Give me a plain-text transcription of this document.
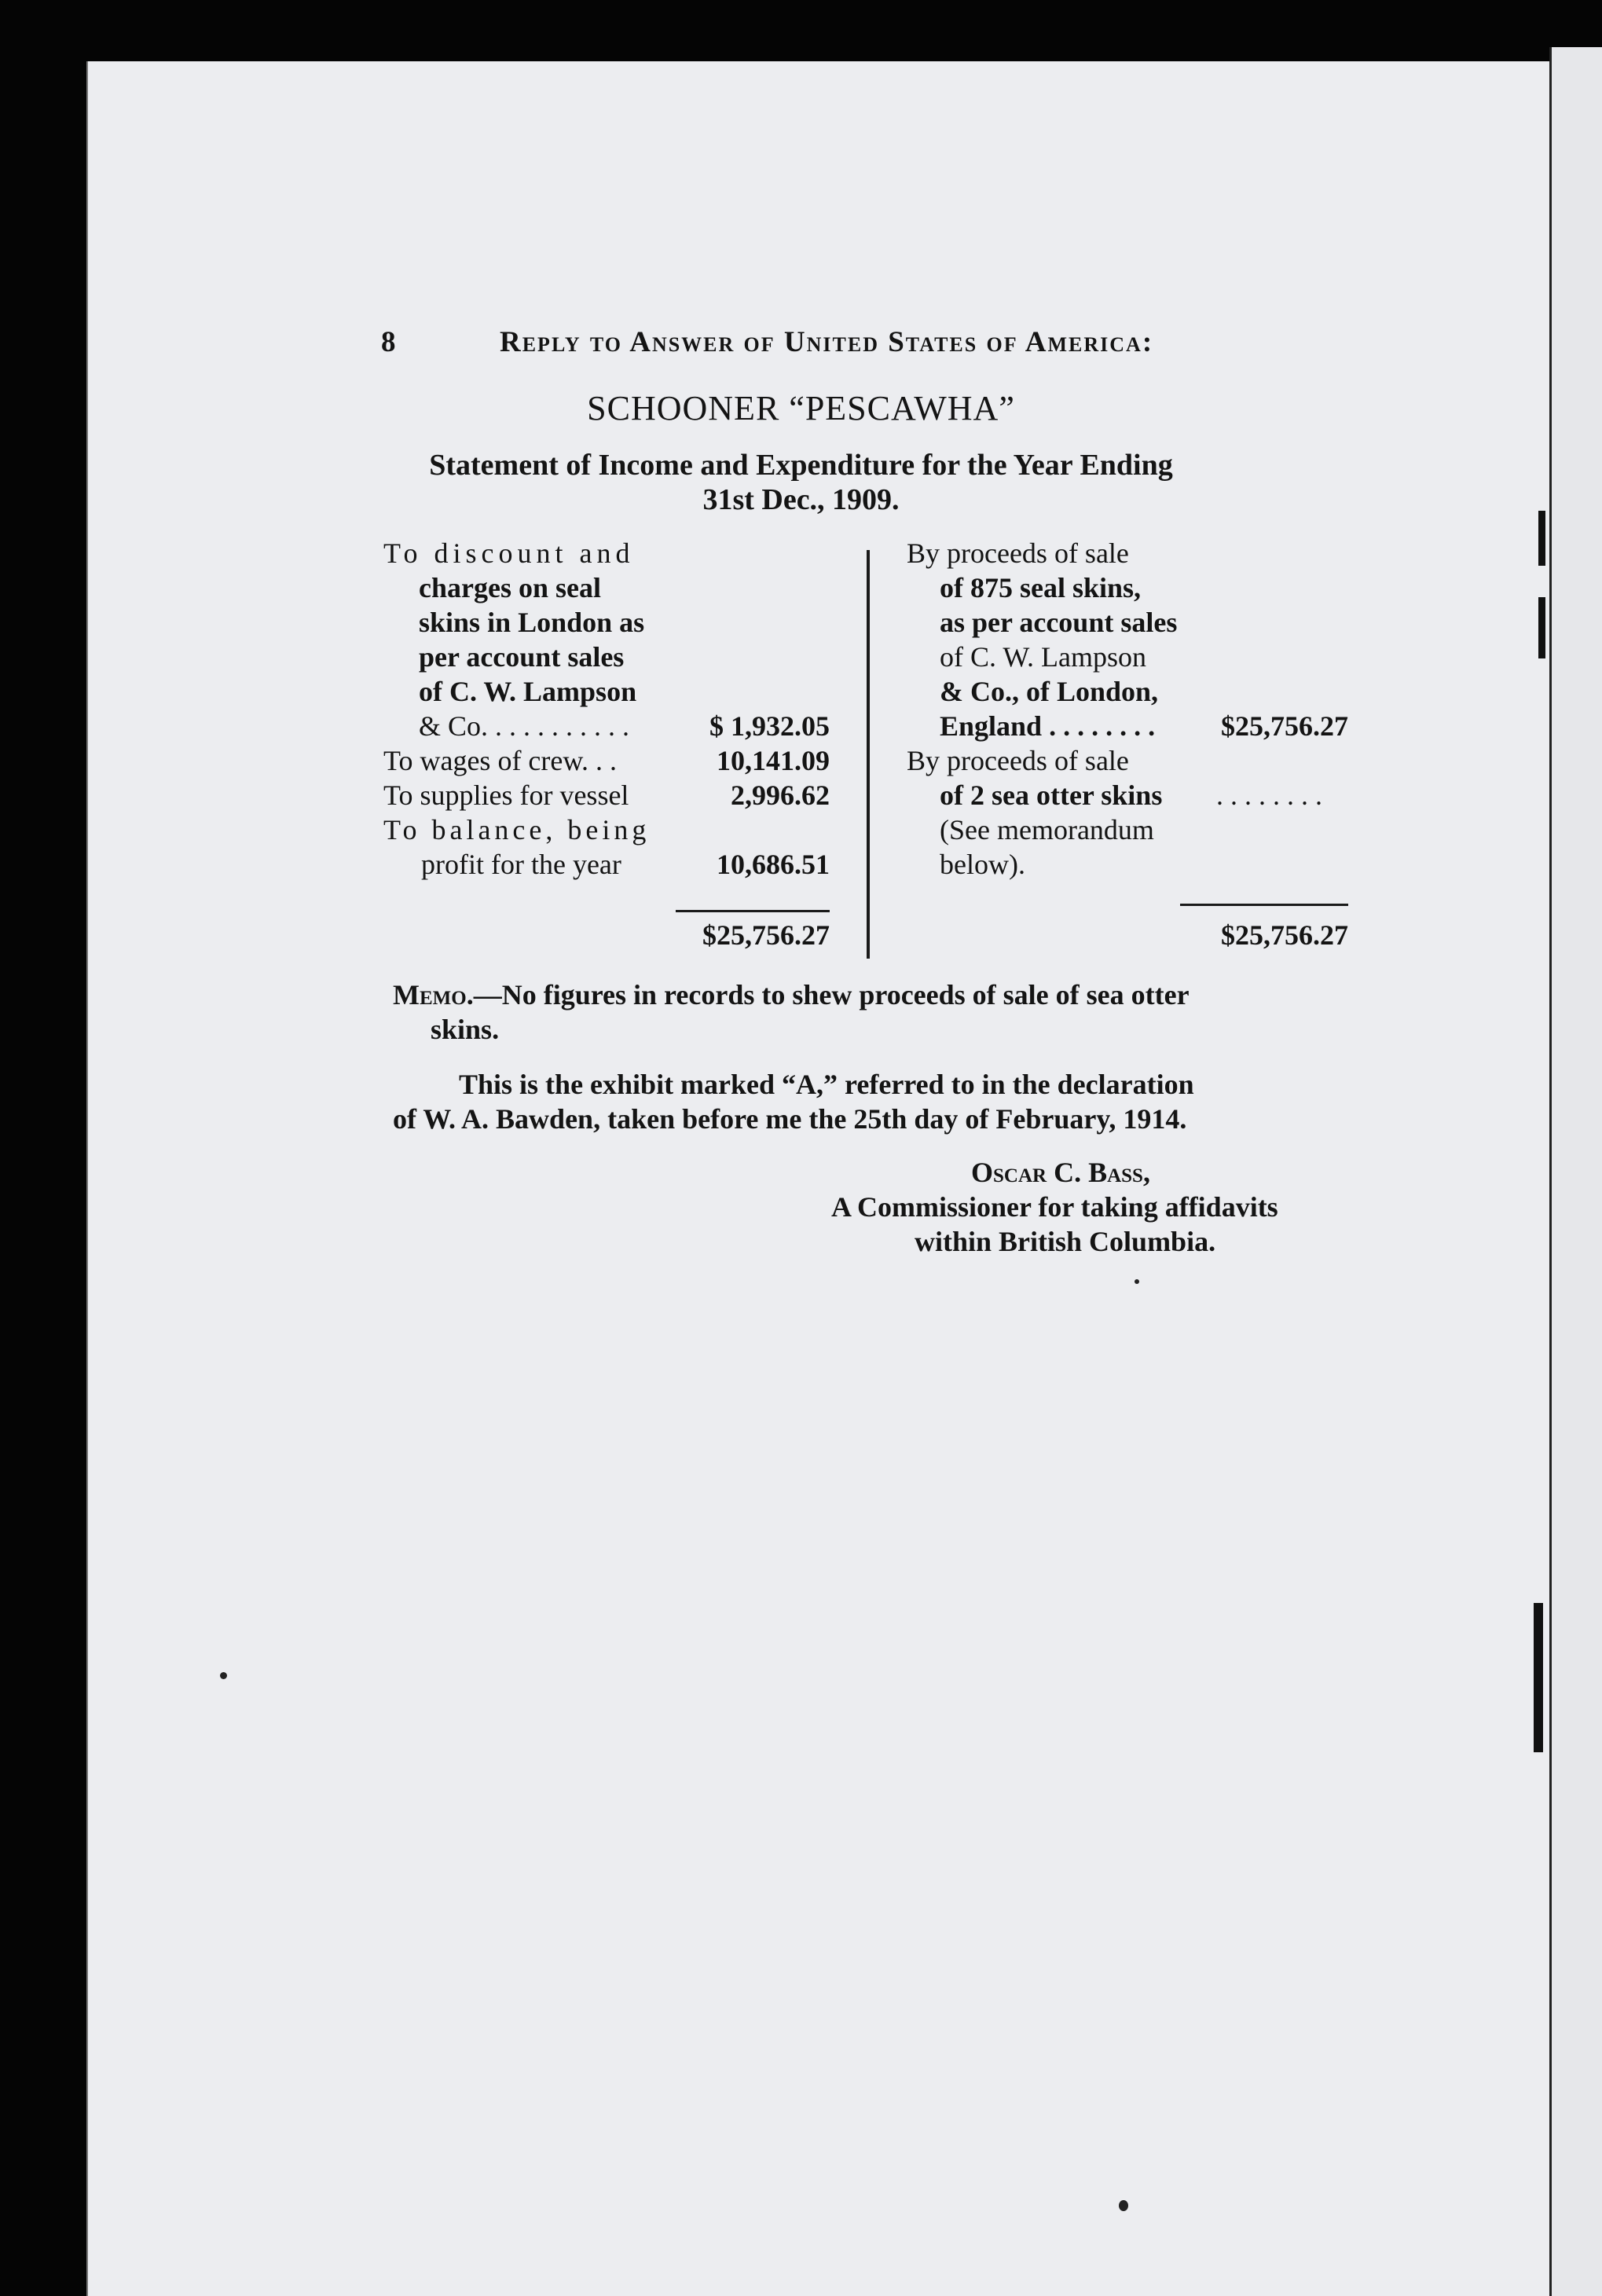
8	Reply to Answer of United States of America:
SCHOONER “PESCAWHA”
Statement of Income and Expenditure for the Year Ending
31st Dec., 1909.
To discount and
charges on seal
skins in London as
per account sales
of C. W. Lampson
& Co. . . . . . . . . . .	$ 1,932.05
To wages of crew. . .	10,141.09
To supplies for vessel	2,996.62
To balance, being
profit for the year	10,686.51
$25,756.27
By proceeds of sale
of 875 seal skins,
as per account sales
of C. W. Lampson
& Co., of London,
England . . . . . . . .	$25,756.27
By proceeds of sale
of 2 sea otter skins . . . . . . . .
(See memorandum
below).
$25,756.27
Memo.—No figures in records to shew proceeds of sale of sea otter
skins.
This is the exhibit marked “A,” referred to in the declaration
of W. A. Bawden, taken before me the 25th day of February, 1914.
Oscar C. Bass,
A Commissioner for taking affidavits
within British Columbia.
